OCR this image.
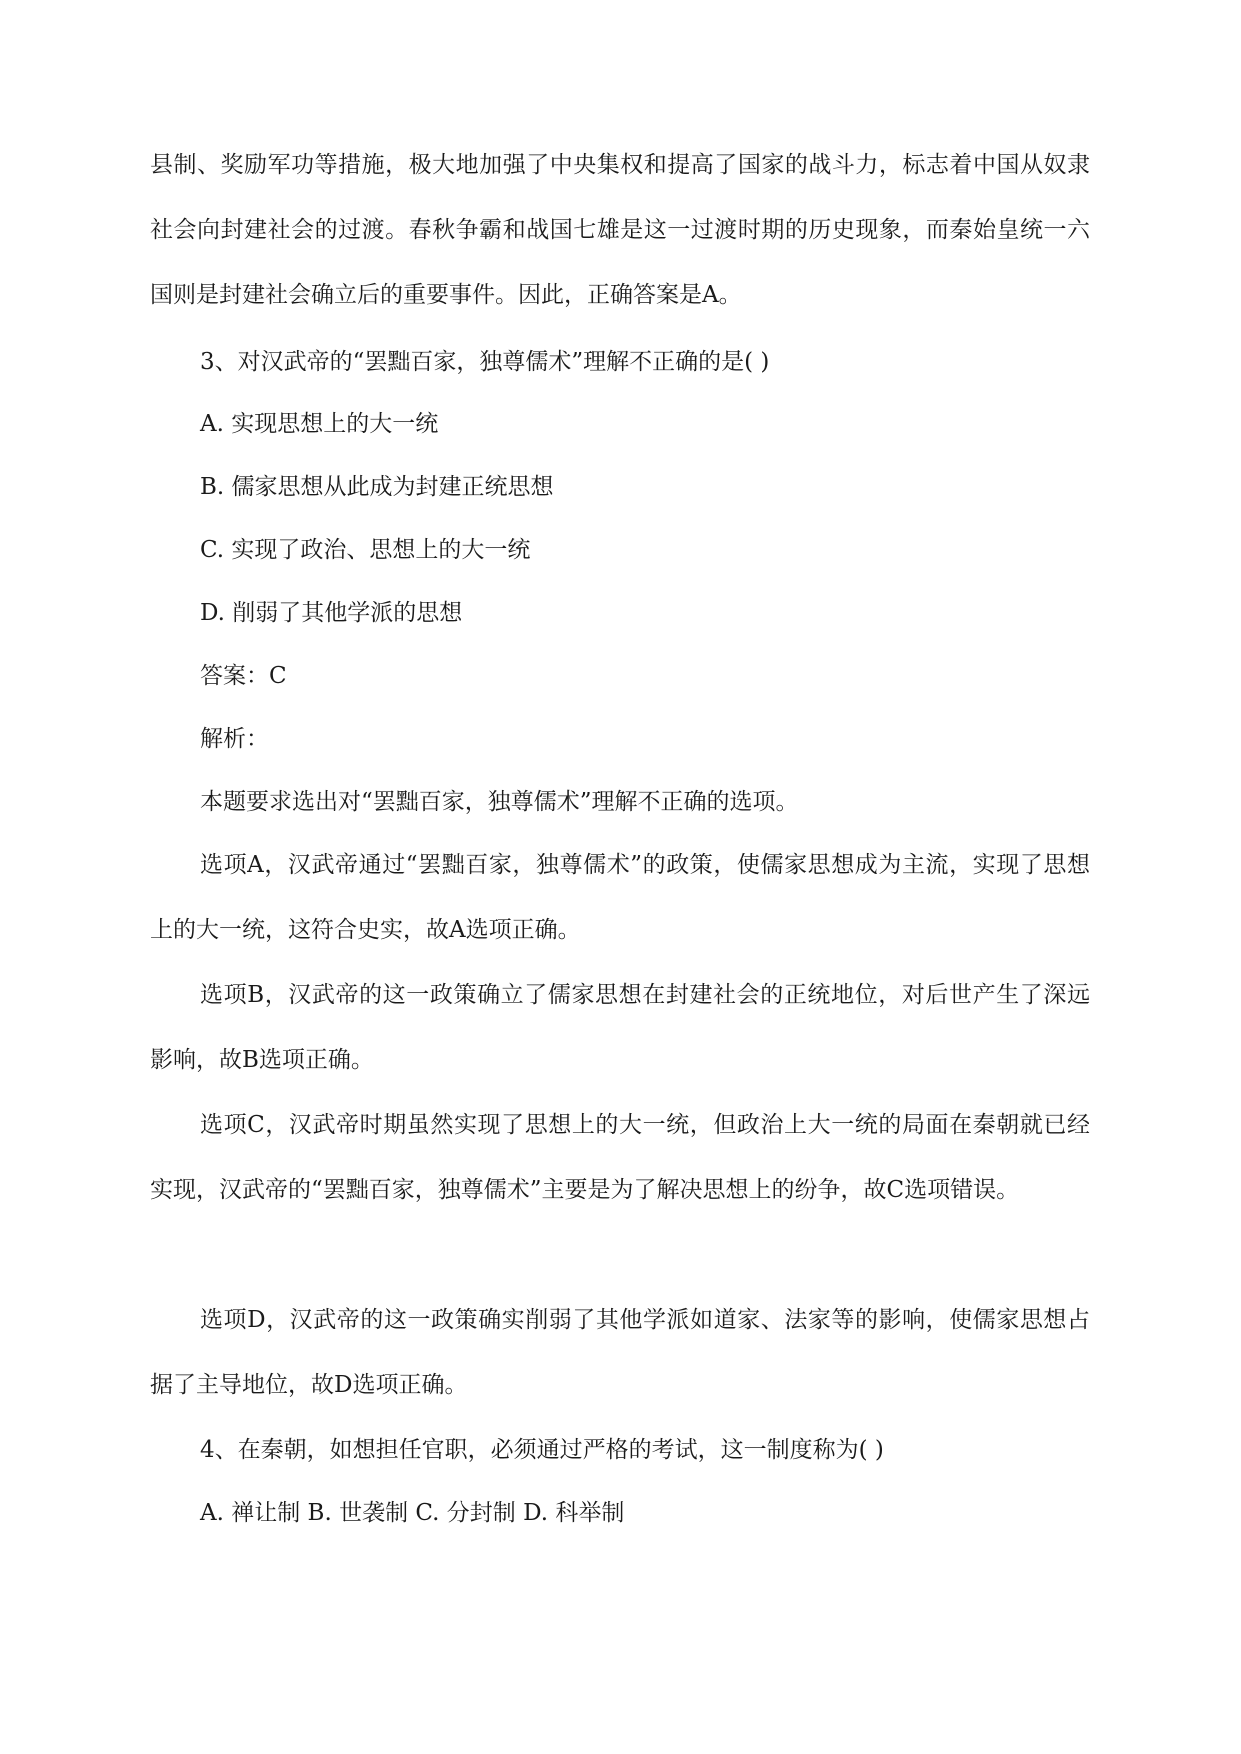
县制、奖励军功等措施，极大地加强了中央集权和提高了国家的战斗力，标志着中国从奴隶社会向封建社会的过渡。春秋争霸和战国七雄是这一过渡时期的历史现象，而秦始皇统一六国则是封建社会确立后的重要事件。因此，正确答案是A。

3、对汉武帝的“罢黜百家，独尊儒术”理解不正确的是( )

A. 实现思想上的大一统

B. 儒家思想从此成为封建正统思想

C. 实现了政治、思想上的大一统

D. 削弱了其他学派的思想

答案：C

解析：

本题要求选出对“罢黜百家，独尊儒术”理解不正确的选项。

选项A，汉武帝通过“罢黜百家，独尊儒术”的政策，使儒家思想成为主流，实现了思想上的大一统，这符合史实，故A选项正确。

选项B，汉武帝的这一政策确立了儒家思想在封建社会的正统地位，对后世产生了深远影响，故B选项正确。

选项C，汉武帝时期虽然实现了思想上的大一统，但政治上大一统的局面在秦朝就已经实现，汉武帝的“罢黜百家，独尊儒术”主要是为了解决思想上的纷争，故C选项错误。

选项D，汉武帝的这一政策确实削弱了其他学派如道家、法家等的影响，使儒家思想占据了主导地位，故D选项正确。

4、在秦朝，如想担任官职，必须通过严格的考试，这一制度称为( )

A. 禅让制 B. 世袭制 C. 分封制 D. 科举制
